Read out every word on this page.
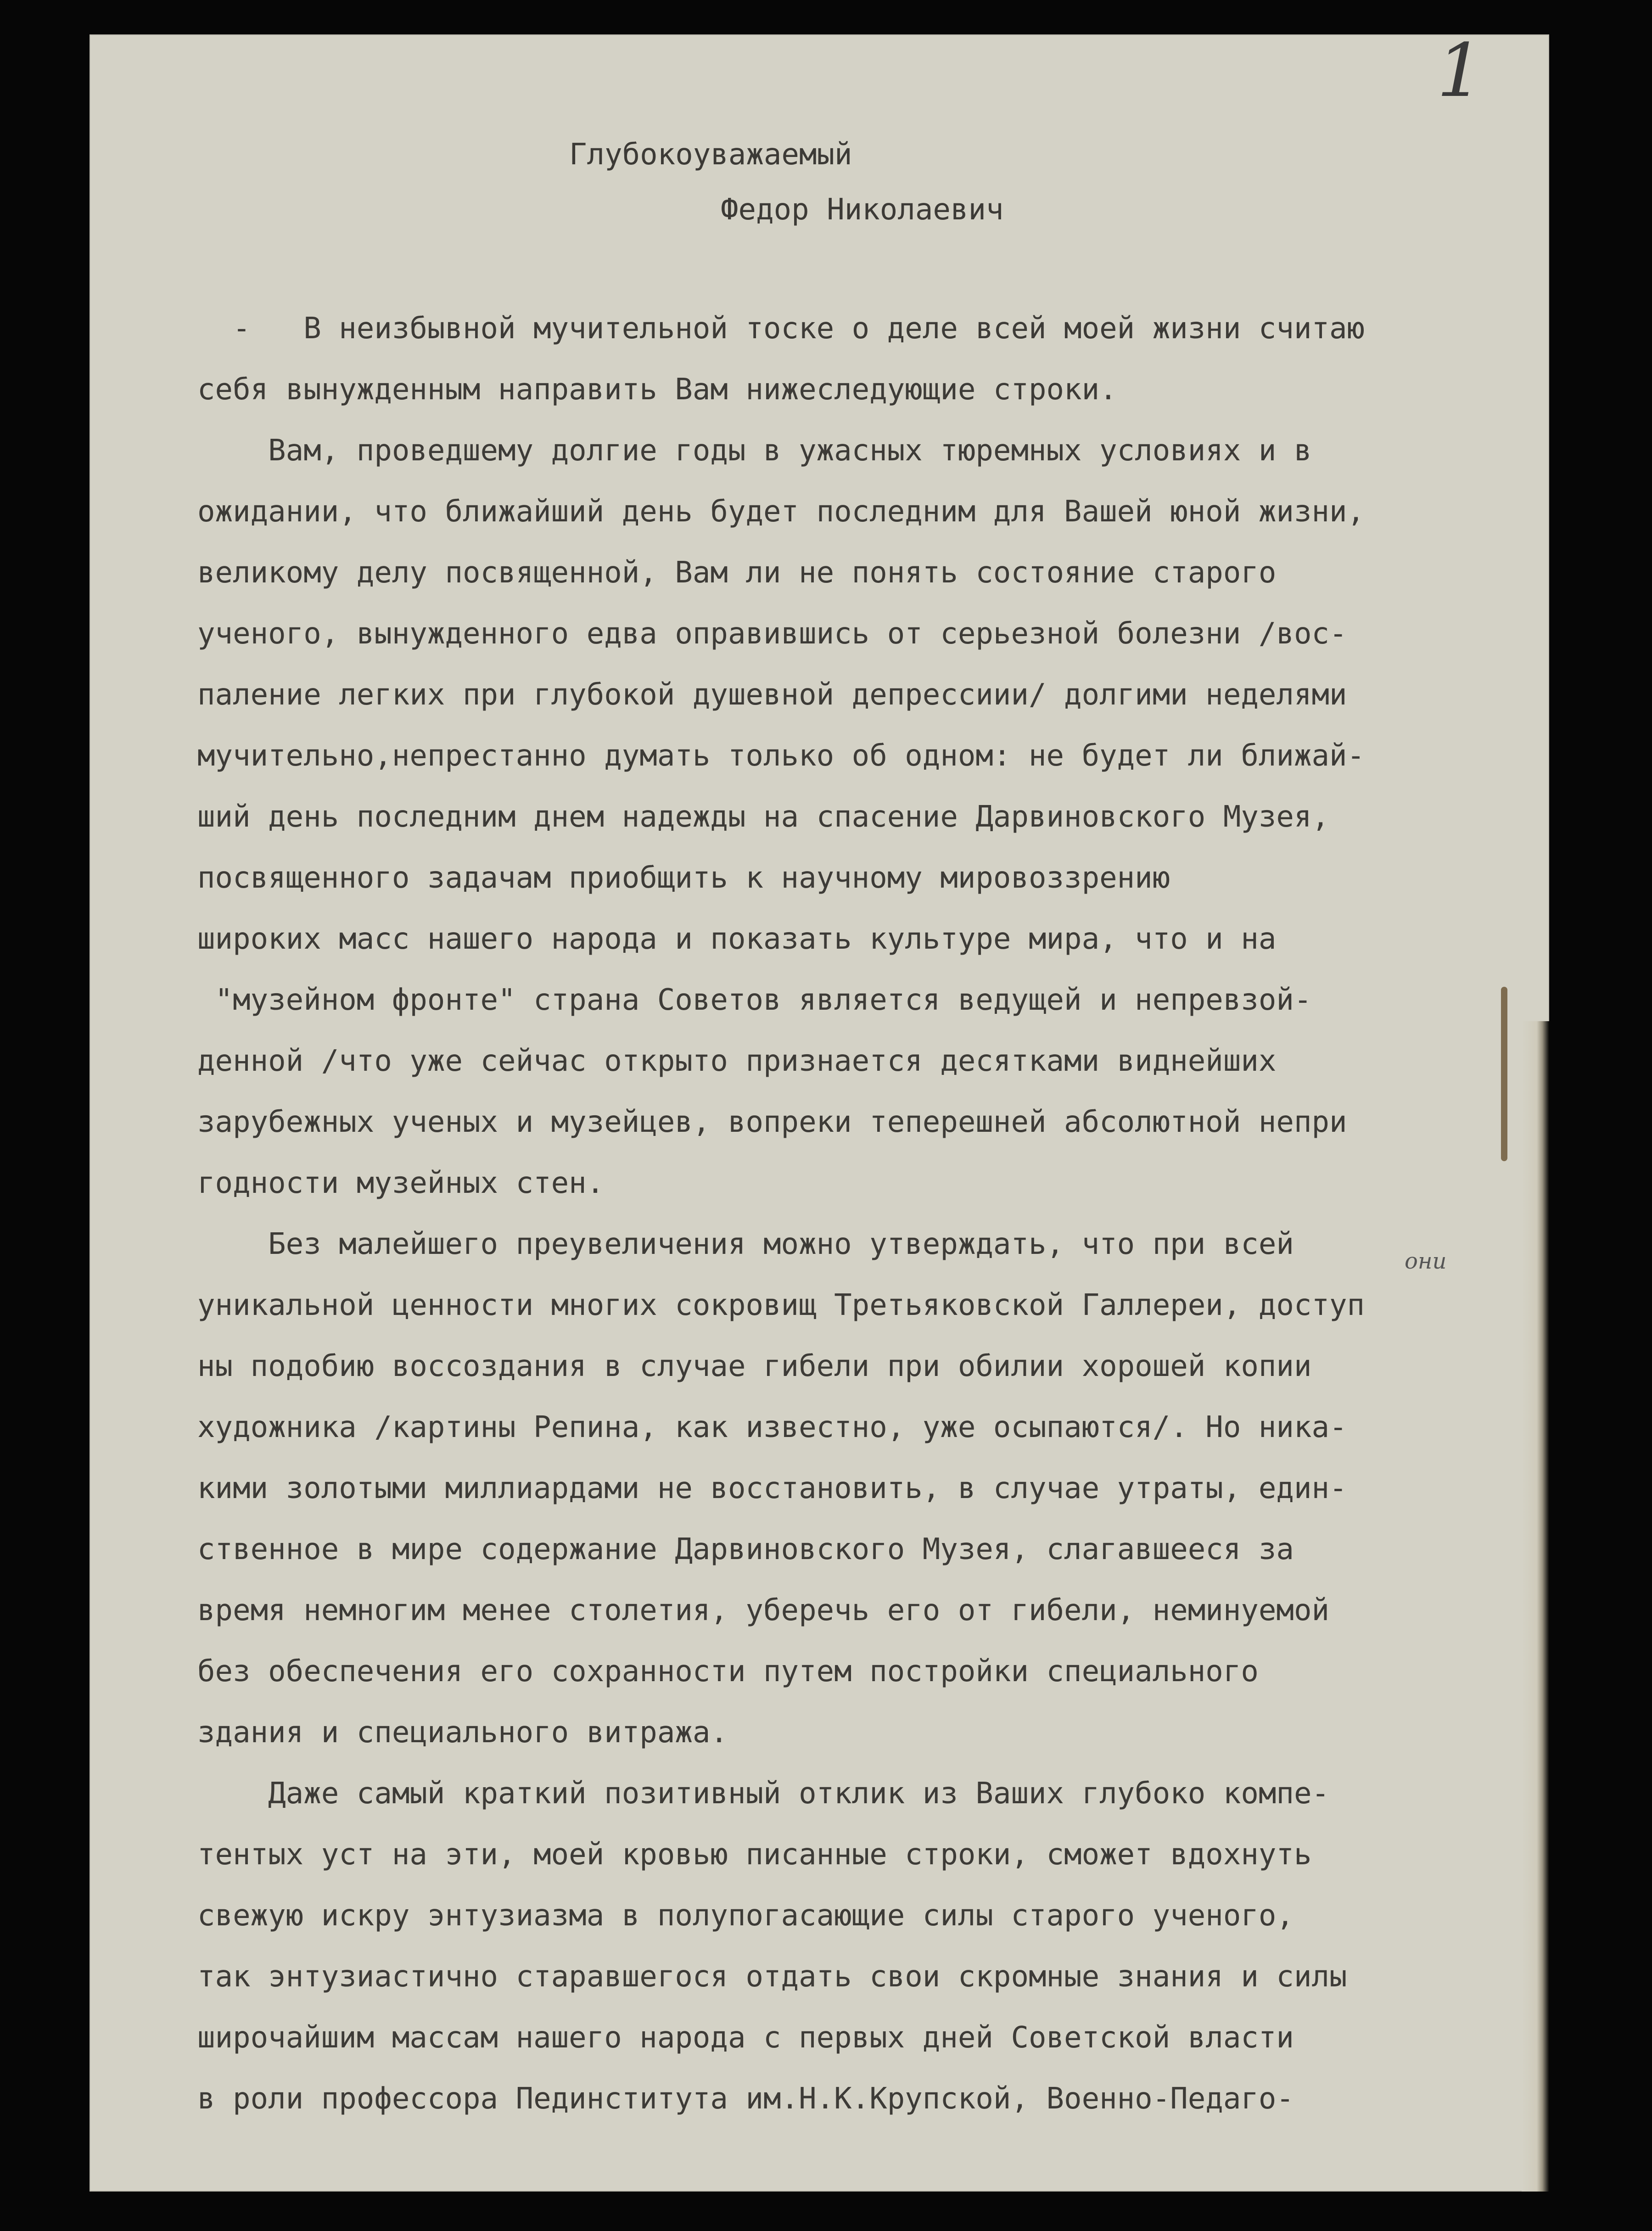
1
Глубокоуважаемый
Федор Николаевич
-   В неизбывной мучительной тоске о деле всей моей жизни считаю
себя вынужденным направить Вам нижеследующие строки.
Вам, проведшему долгие годы в ужасных тюремных условиях и в
ожидании, что ближайший день будет последним для Вашей юной жизни,
великому делу посвященной, Вам ли не понять состояние старого
ученого, вынужденного едва оправившись от серьезной болезни /вос-
паление легких при глубокой душевной депрессиии/ долгими неделями
мучительно,непрестанно думать только об одном: не будет ли ближай-
ший день последним днем надежды на спасение Дарвиновского Музея,
посвященного задачам приобщить к научному мировоззрению
широких масс нашего народа и показать культуре мира, что и на
"музейном фронте" страна Советов является ведущей и непревзой-
денной /что уже сейчас открыто признается десятками виднейших
зарубежных ученых и музейцев, вопреки теперешней абсолютной непри
годности музейных стен.
Без малейшего преувеличения можно утверждать, что при всей
уникальной ценности многих сокровищ Третьяковской Галлереи, доступ
ны подобию воссоздания в случае гибели при обилии хорошей копии
художника /картины Репина, как известно, уже осыпаются/. Но ника-
кими золотыми миллиардами не восстановить, в случае утраты, един-
ственное в мире содержание Дарвиновского Музея, слагавшееся за
время немногим менее столетия, уберечь его от гибели, неминуемой
без обеспечения его сохранности путем постройки специального
здания и специального витража.
Даже самый краткий позитивный отклик из Ваших глубоко компе-
тентых уст на эти, моей кровью писанные строки, сможет вдохнуть
свежую искру энтузиазма в полупогасающие силы старого ученого,
так энтузиастично старавшегося отдать свои скромные знания и силы
широчайшим массам нашего народа с первых дней Советской власти
в роли профессора Пединститута им.Н.К.Крупской, Военно-Педаго-
они
